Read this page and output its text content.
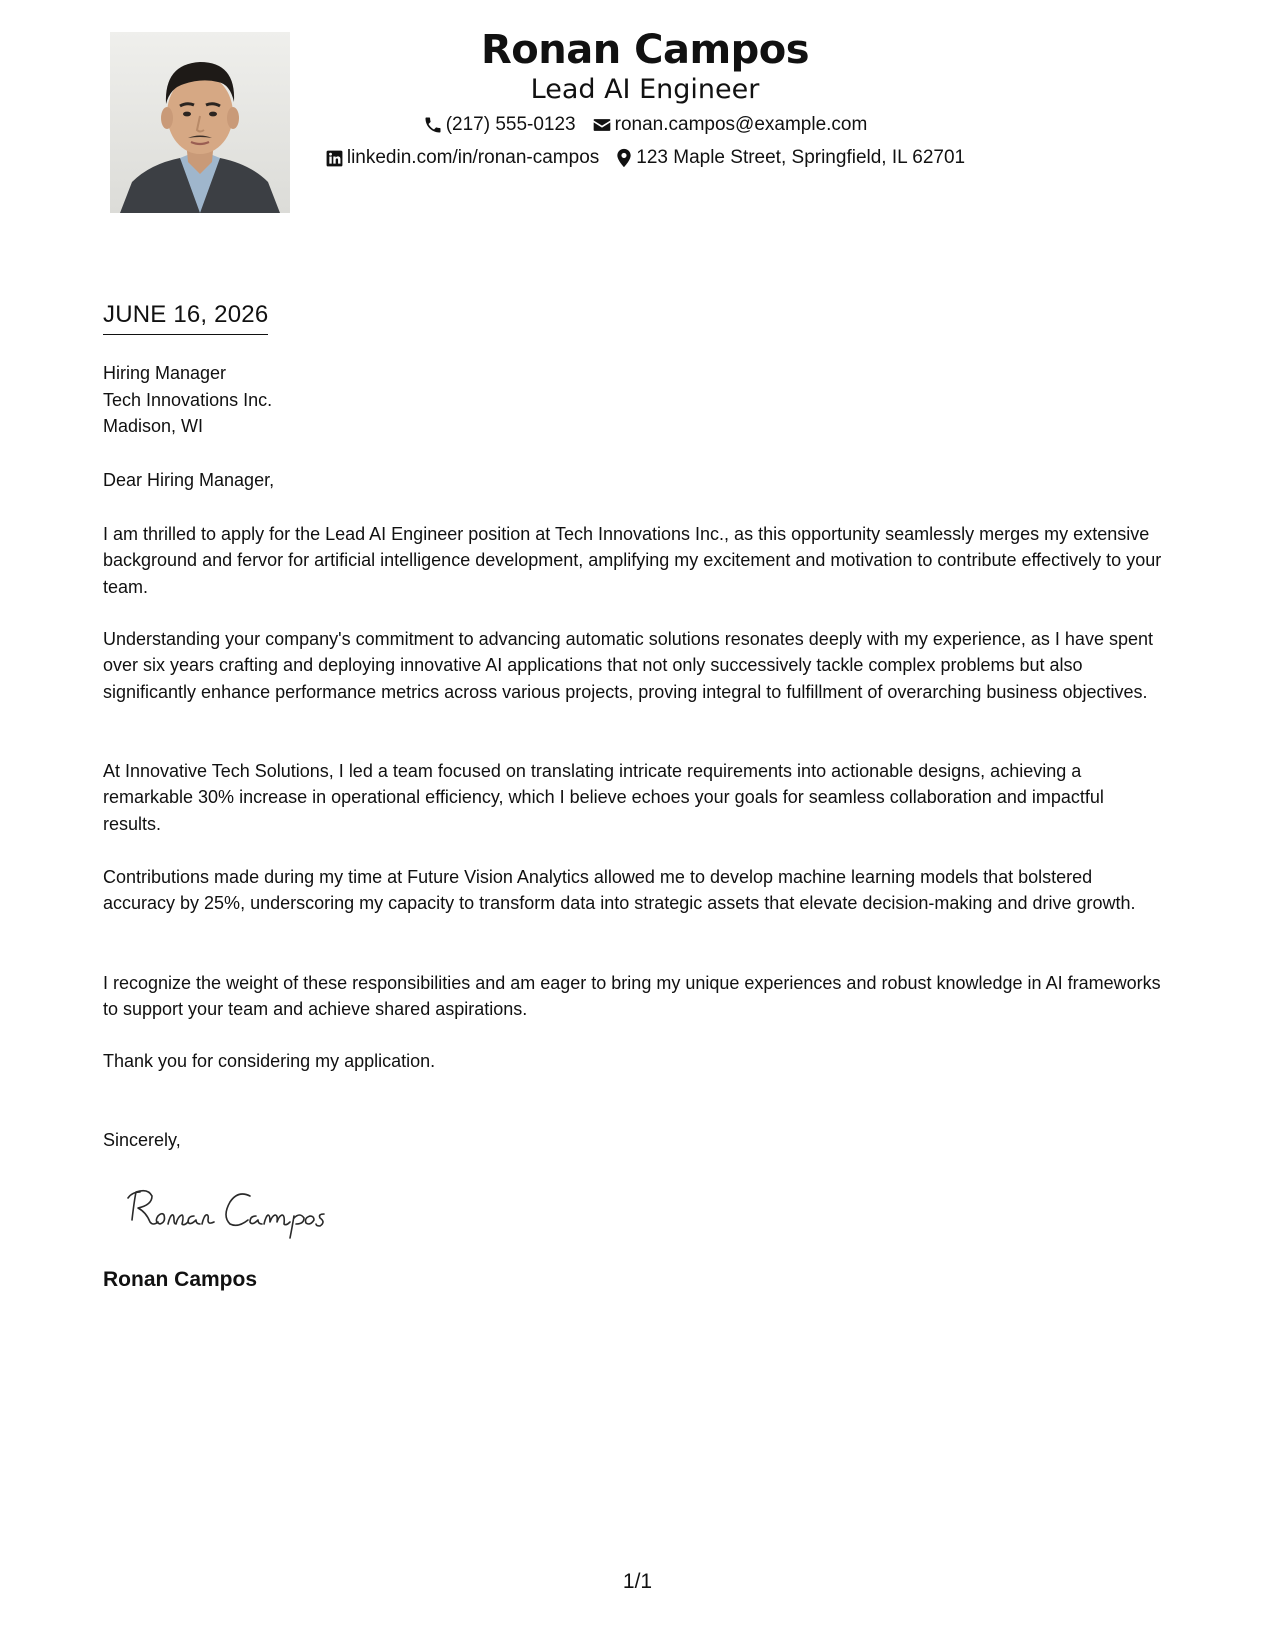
Ronan Campos
Lead AI Engineer
(217) 555-0123 ronan.campos@example.com
linkedin.com/in/ronan-campos 123 Maple Street, Springfield, IL 62701
JUNE 16, 2026
Hiring Manager
Tech Innovations Inc.
Madison, WI
Dear Hiring Manager,

I am thrilled to apply for the Lead AI Engineer position at Tech Innovations Inc., as this opportunity seamlessly merges my extensive background and fervor for artificial intelligence development, amplifying my excitement and motivation to contribute effectively to your team.

Understanding your company's commitment to advancing automatic solutions resonates deeply with my experience, as I have spent over six years crafting and deploying innovative AI applications that not only successively tackle complex problems but also significantly enhance performance metrics across various projects, proving integral to fulfillment of overarching business objectives.

At Innovative Tech Solutions, I led a team focused on translating intricate requirements into actionable designs, achieving a remarkable 30% increase in operational efficiency, which I believe echoes your goals for seamless collaboration and impactful results.

Contributions made during my time at Future Vision Analytics allowed me to develop machine learning models that bolstered accuracy by 25%, underscoring my capacity to transform data into strategic assets that elevate decision-making and drive growth.

I recognize the weight of these responsibilities and am eager to bring my unique experiences and robust knowledge in AI frameworks to support your team and achieve shared aspirations.

Thank you for considering my application.

Sincerely,
Ronan Campos
1/1
